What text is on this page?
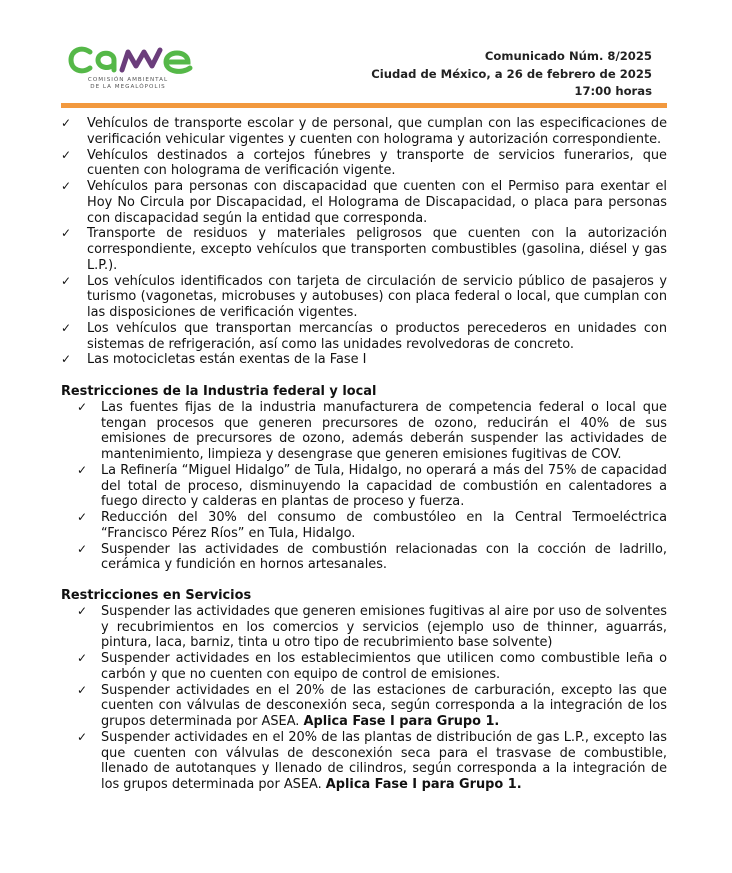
COMISIÓN AMBIENTAL
DE LA MEGALÓPOLIS
Comunicado Núm. 8/2025
Ciudad de México, a 26 de febrero de 2025
17:00 horas
✓	Vehículos de transporte escolar y de personal, que cumplan con las especificaciones de verificación vehicular vigentes y cuenten con holograma y autorización correspondiente.
✓	Vehículos destinados a cortejos fúnebres y transporte de servicios funerarios, que cuenten con holograma de verificación vigente.
✓	Vehículos para personas con discapacidad que cuenten con el Permiso para exentar el Hoy No Circula por Discapacidad, el Holograma de Discapacidad, o placa para personas con discapacidad según la entidad que corresponda.
✓	Transporte de residuos y materiales peligrosos que cuenten con la autorización correspondiente, excepto vehículos que transporten combustibles (gasolina, diésel y gas L.P.).
✓	Los vehículos identificados con tarjeta de circulación de servicio público de pasajeros y turismo (vagonetas, microbuses y autobuses) con placa federal o local, que cumplan con las disposiciones de verificación vigentes.
✓	Los vehículos que transportan mercancías o productos perecederos en unidades con sistemas de refrigeración, así como las unidades revolvedoras de concreto.
✓	Las motocicletas están exentas de la Fase I
Restricciones de la Industria federal y local
✓	Las fuentes fijas de la industria manufacturera de competencia federal o local que tengan procesos que generen precursores de ozono, reducirán el 40% de sus emisiones de precursores de ozono, además deberán suspender las actividades de mantenimiento, limpieza y desengrase que generen emisiones fugitivas de COV.
✓	La Refinería “Miguel Hidalgo” de Tula, Hidalgo, no operará a más del 75% de capacidad del total de proceso, disminuyendo la capacidad de combustión en calentadores a fuego directo y calderas en plantas de proceso y fuerza.
✓	Reducción del 30% del consumo de combustóleo en la Central Termoeléctrica “Francisco Pérez Ríos” en Tula, Hidalgo.
✓	Suspender las actividades de combustión relacionadas con la cocción de ladrillo, cerámica y fundición en hornos artesanales.
Restricciones en Servicios
✓	Suspender las actividades que generen emisiones fugitivas al aire por uso de solventes y recubrimientos en los comercios y servicios (ejemplo uso de thinner, aguarrás, pintura, laca, barniz, tinta u otro tipo de recubrimiento base solvente)
✓	Suspender actividades en los establecimientos que utilicen como combustible leña o carbón y que no cuenten con equipo de control de emisiones.
✓	Suspender actividades en el 20% de las estaciones de carburación, excepto las que cuenten con válvulas de desconexión seca, según corresponda a la integración de los grupos determinada por ASEA. Aplica Fase I para Grupo 1.
✓	Suspender actividades en el 20% de las plantas de distribución de gas L.P., excepto las que cuenten con válvulas de desconexión seca para el trasvase de combustible, llenado de autotanques y llenado de cilindros, según corresponda a la integración de los grupos determinada por ASEA. Aplica Fase I para Grupo 1.
